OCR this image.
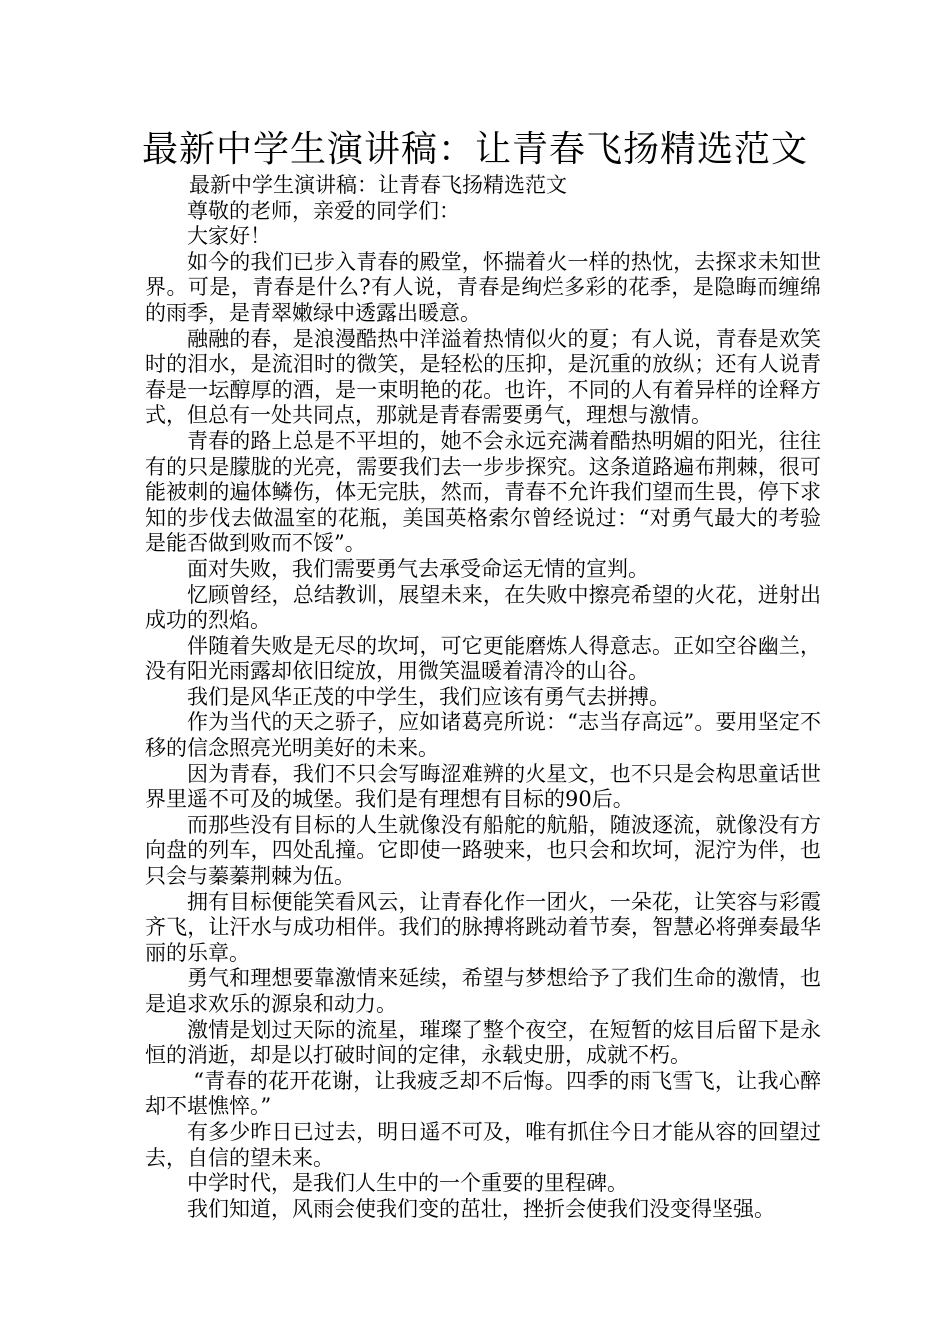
最新中学生演讲稿：让青春飞扬精选范文

最新中学生演讲稿：让青春飞扬精选范文

尊敬的老师，亲爱的同学们：

大家好！

如今的我们已步入青春的殿堂，怀揣着火一样的热忱，去探求未知世界。可是，青春是什么?有人说，青春是绚烂多彩的花季，是隐晦而缠绵的雨季，是青翠嫩绿中透露出暖意。

融融的春，是浪漫酷热中洋溢着热情似火的夏；有人说，青春是欢笑时的泪水，是流泪时的微笑，是轻松的压抑，是沉重的放纵；还有人说青春是一坛醇厚的酒，是一束明艳的花。也许，不同的人有着异样的诠释方式，但总有一处共同点，那就是青春需要勇气，理想与激情。

青春的路上总是不平坦的，她不会永远充满着酷热明媚的阳光，往往有的只是朦胧的光亮，需要我们去一步步探究。这条道路遍布荆棘，很可能被刺的遍体鳞伤，体无完肤，然而，青春不允许我们望而生畏，停下求知的步伐去做温室的花瓶，美国英格索尔曾经说过：“对勇气最大的考验是能否做到败而不馁”。

面对失败，我们需要勇气去承受命运无情的宣判。

忆顾曾经，总结教训，展望未来，在失败中擦亮希望的火花，迸射出成功的烈焰。

伴随着失败是无尽的坎坷，可它更能磨炼人得意志。正如空谷幽兰，没有阳光雨露却依旧绽放，用微笑温暖着清冷的山谷。

我们是风华正茂的中学生，我们应该有勇气去拼搏。

作为当代的天之骄子，应如诸葛亮所说：“志当存高远”。要用坚定不移的信念照亮光明美好的未来。

因为青春，我们不只会写晦涩难辨的火星文，也不只是会构思童话世界里遥不可及的城堡。我们是有理想有目标的90后。

而那些没有目标的人生就像没有船舵的航船，随波逐流，就像没有方向盘的列车，四处乱撞。它即使一路驶来，也只会和坎坷，泥泞为伴，也只会与蓁蓁荆棘为伍。

拥有目标便能笑看风云，让青春化作一团火，一朵花，让笑容与彩霞齐飞，让汗水与成功相伴。我们的脉搏将跳动着节奏，智慧必将弹奏最华丽的乐章。

勇气和理想要靠激情来延续，希望与梦想给予了我们生命的激情，也是追求欢乐的源泉和动力。

激情是划过天际的流星，璀璨了整个夜空，在短暂的炫目后留下是永恒的消逝，却是以打破时间的定律，永载史册，成就不朽。

“青春的花开花谢，让我疲乏却不后悔。四季的雨飞雪飞，让我心醉却不堪憔悴。”

有多少昨日已过去，明日遥不可及，唯有抓住今日才能从容的回望过去，自信的望未来。

中学时代，是我们人生中的一个重要的里程碑。

我们知道，风雨会使我们变的茁壮，挫折会使我们没变得坚强。
